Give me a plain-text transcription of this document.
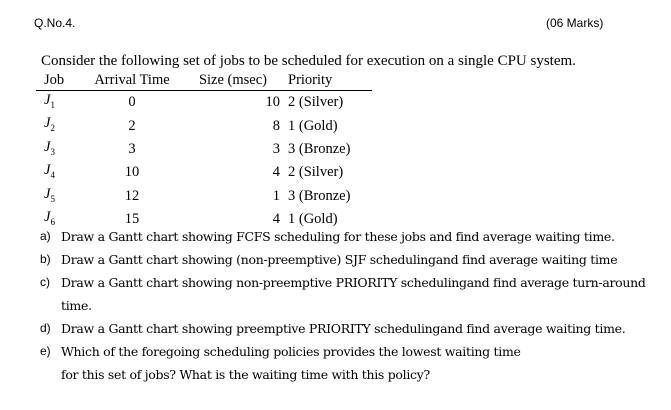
Q.No.4.	(06 Marks)
Consider the following set of jobs to be scheduled for execution on a single CPU system.
Job	Arrival Time	Size (msec)	Priority
$J_1$	0	10	2 (Silver)
$J_2$	2	8	1 (Gold)
$J_3$	3	3	3 (Bronze)
$J_4$	10	4	2 (Silver)
$J_5$	12	1	3 (Bronze)
$J_6$	15	4	1 (Gold)
a) Draw a Gantt chart showing FCFS scheduling for these jobs and find average waiting time.
b) Draw a Gantt chart showing (non-preemptive) SJF schedulingand find average waiting time
c) Draw a Gantt chart showing non-preemptive PRIORITY schedulingand find average turn-around
time.
d) Draw a Gantt chart showing preemptive PRIORITY schedulingand find average waiting time.
e) Which of the foregoing scheduling policies provides the lowest waiting time
for this set of jobs? What is the waiting time with this policy?
